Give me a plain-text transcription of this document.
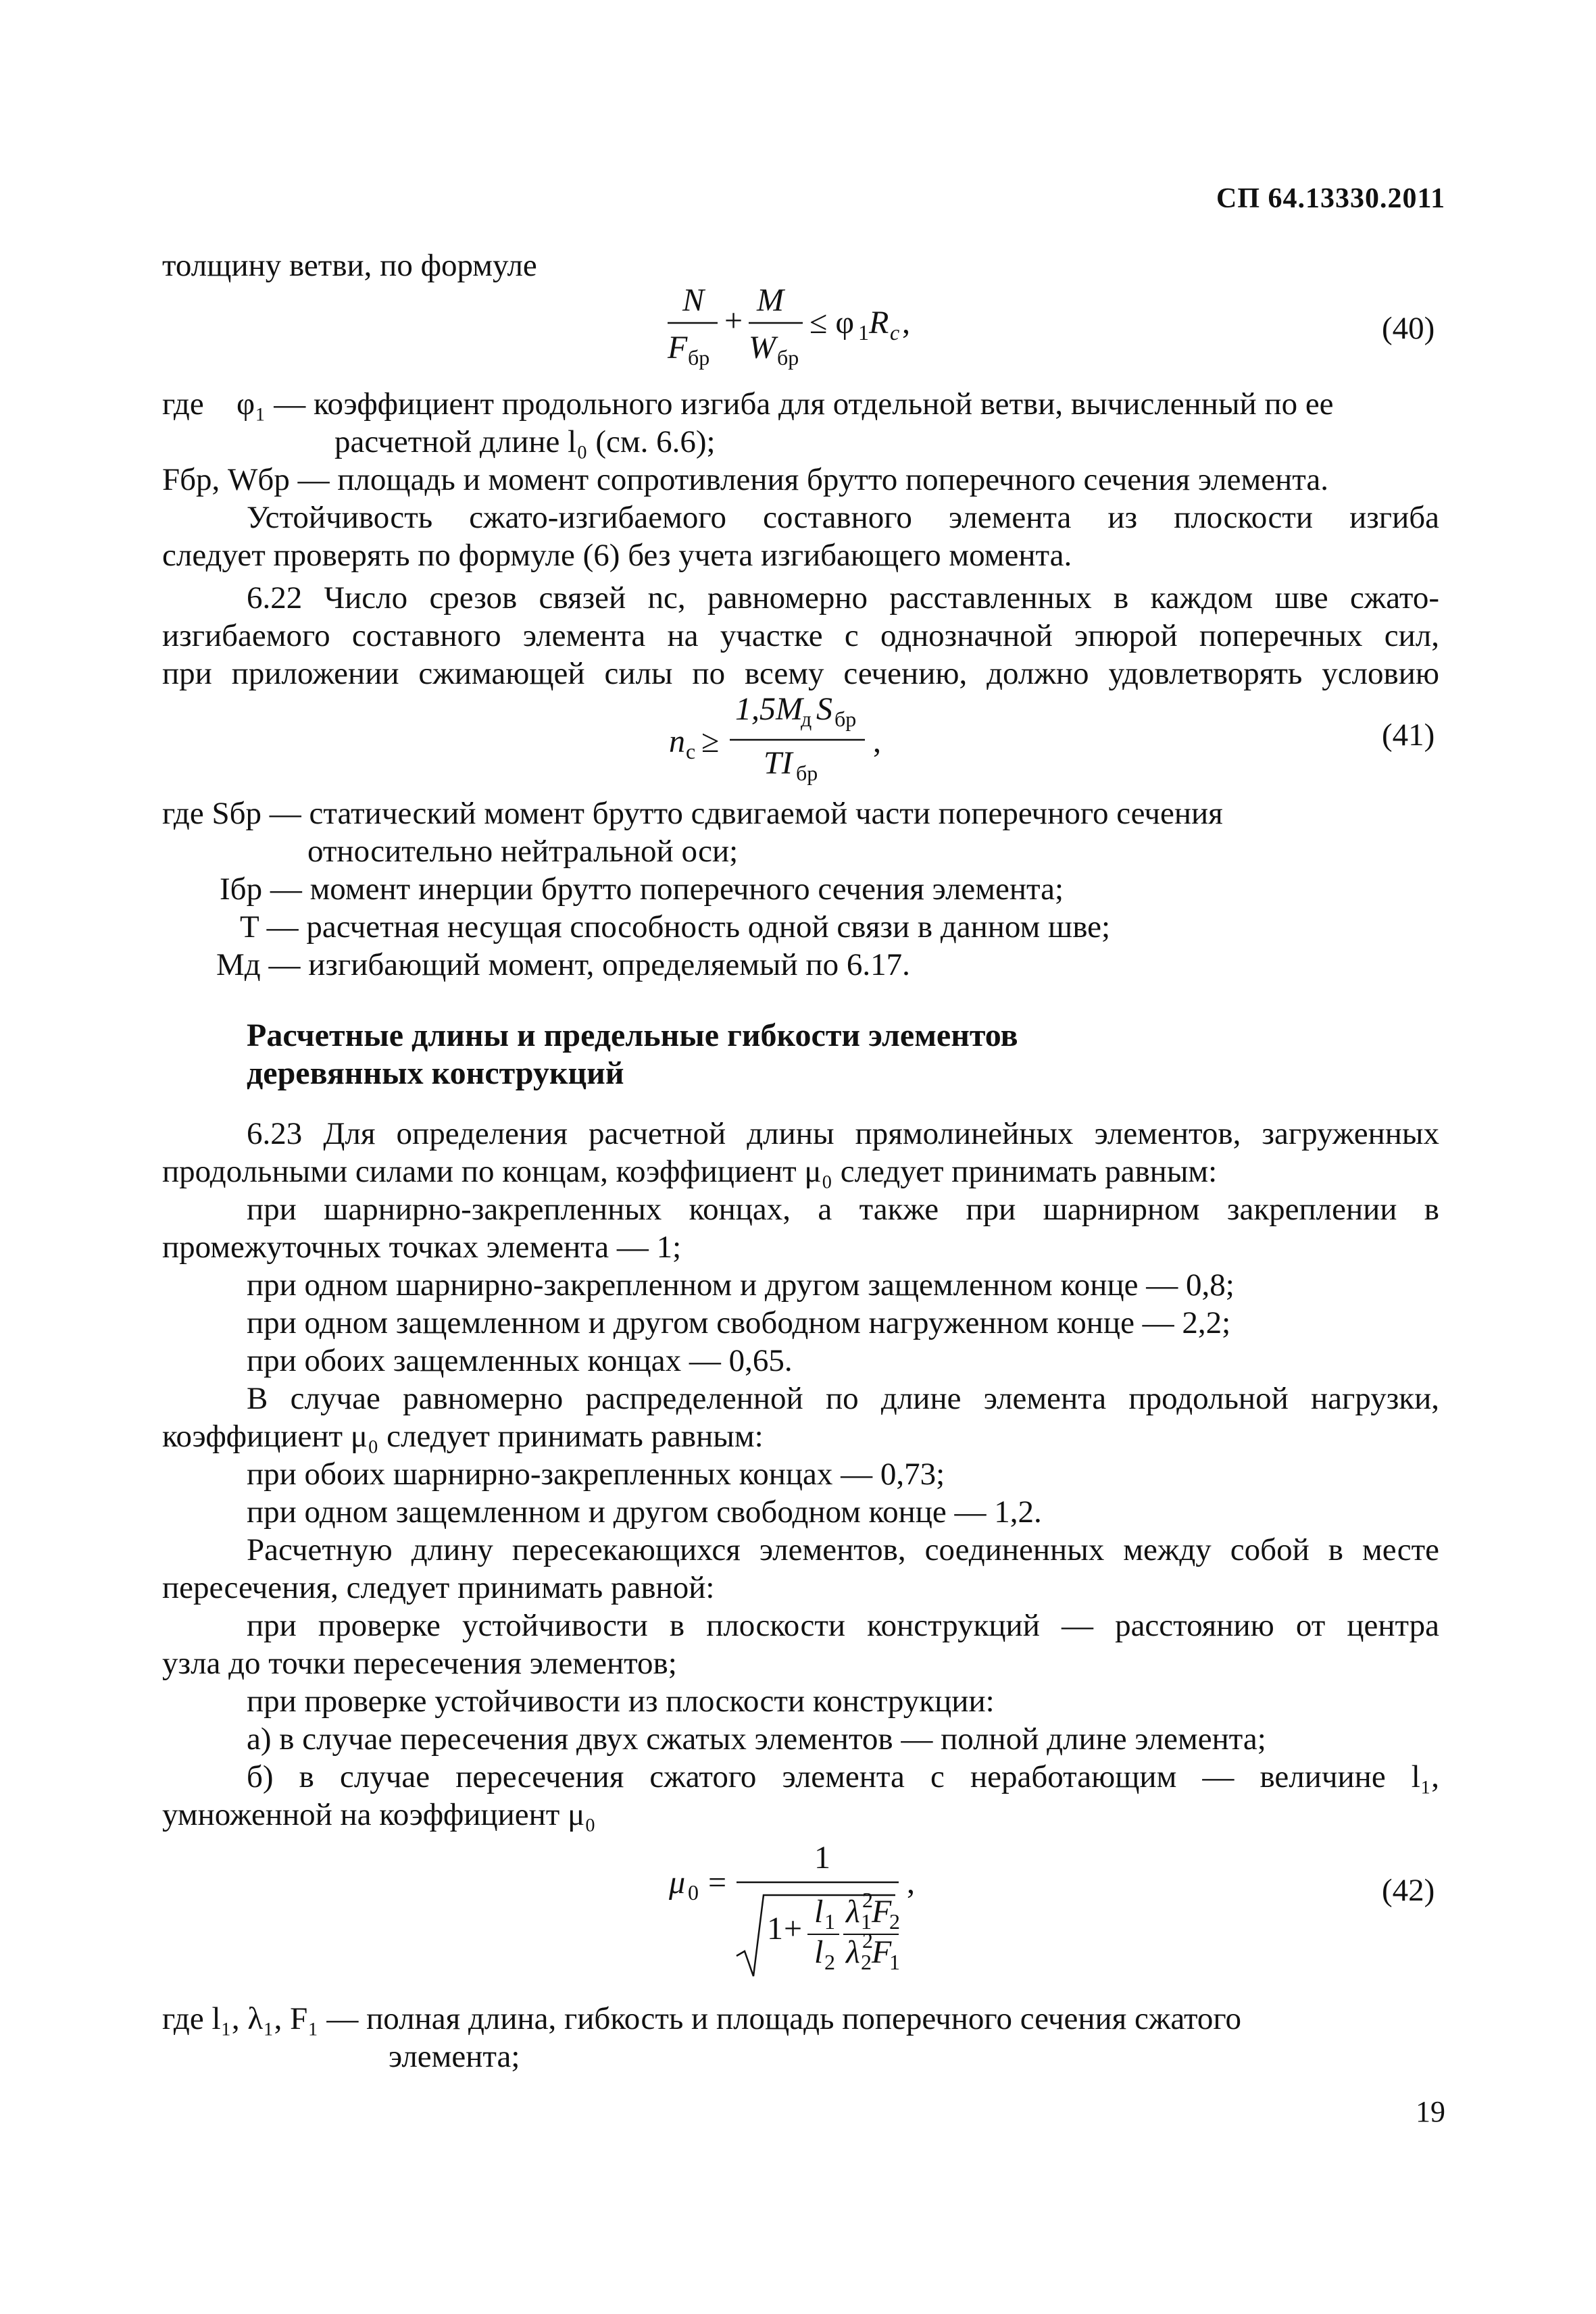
СП 64.13330.2011
толщину ветви, по формуле
N
F бр
+
M
W бр
≤ φ 1 R c ,	(40)
где φ₁ — коэффициент продольного изгиба для отдельной ветви, вычисленный по ее
расчетной длине l₀ (см. 6.6);
Fбр, Wбр — площадь и момент сопротивления брутто поперечного сечения элемента.
Устойчивость сжато-изгибаемого составного элемента из плоскости изгиба
следует проверять по формуле (6) без учета изгибающего момента.
6.22 Число срезов связей nc, равномерно расставленных в каждом шве сжато-
изгибаемого составного элемента на участке с однозначной эпюрой поперечных сил,
при приложении сжимающей силы по всему сечению, должно удовлетворять условию
n c ≥
1,5M
д S бр
TI бр
,	(41)
где Sбр — статический момент брутто сдвигаемой части поперечного сечения
относительно нейтральной оси;
Iбр — момент инерции брутто поперечного сечения элемента;
T — расчетная несущая способность одной связи в данном шве;
Mд — изгибающий момент, определяемый по 6.17.
Расчетные длины и предельные гибкости элементов
деревянных конструкций
6.23 Для определения расчетной длины прямолинейных элементов, загруженных
продольными силами по концам, коэффициент μ₀ следует принимать равным:
при шарнирно-закрепленных концах, а также при шарнирном закреплении в
промежуточных точках элемента — 1;
при одном шарнирно-закрепленном и другом защемленном конце — 0,8;
при одном защемленном и другом свободном нагруженном конце — 2,2;
при обоих защемленных концах — 0,65.
В случае равномерно распределенной по длине элемента продольной нагрузки,
коэффициент μ₀ следует принимать равным:
при обоих шарнирно-закрепленных концах — 0,73;
при одном защемленном и другом свободном конце — 1,2.
Расчетную длину пересекающихся элементов, соединенных между собой в месте
пересечения, следует принимать равной:
при проверке устойчивости в плоскости конструкций — расстоянию от центра
узла до точки пересечения элементов;
при проверке устойчивости из плоскости конструкции:
а) в случае пересечения двух сжатых элементов — полной длине элемента;
б) в случае пересечения сжатого элемента с неработающим — величине l₁,
умноженной на коэффициент μ₀
μ 0 =
1
1 + l 1
l 2
λ 2
1 F
2
λ 2
2 F
1
,	(42)
где l₁, λ₁, F₁ — полная длина, гибкость и площадь поперечного сечения сжатого
элемента;
19
